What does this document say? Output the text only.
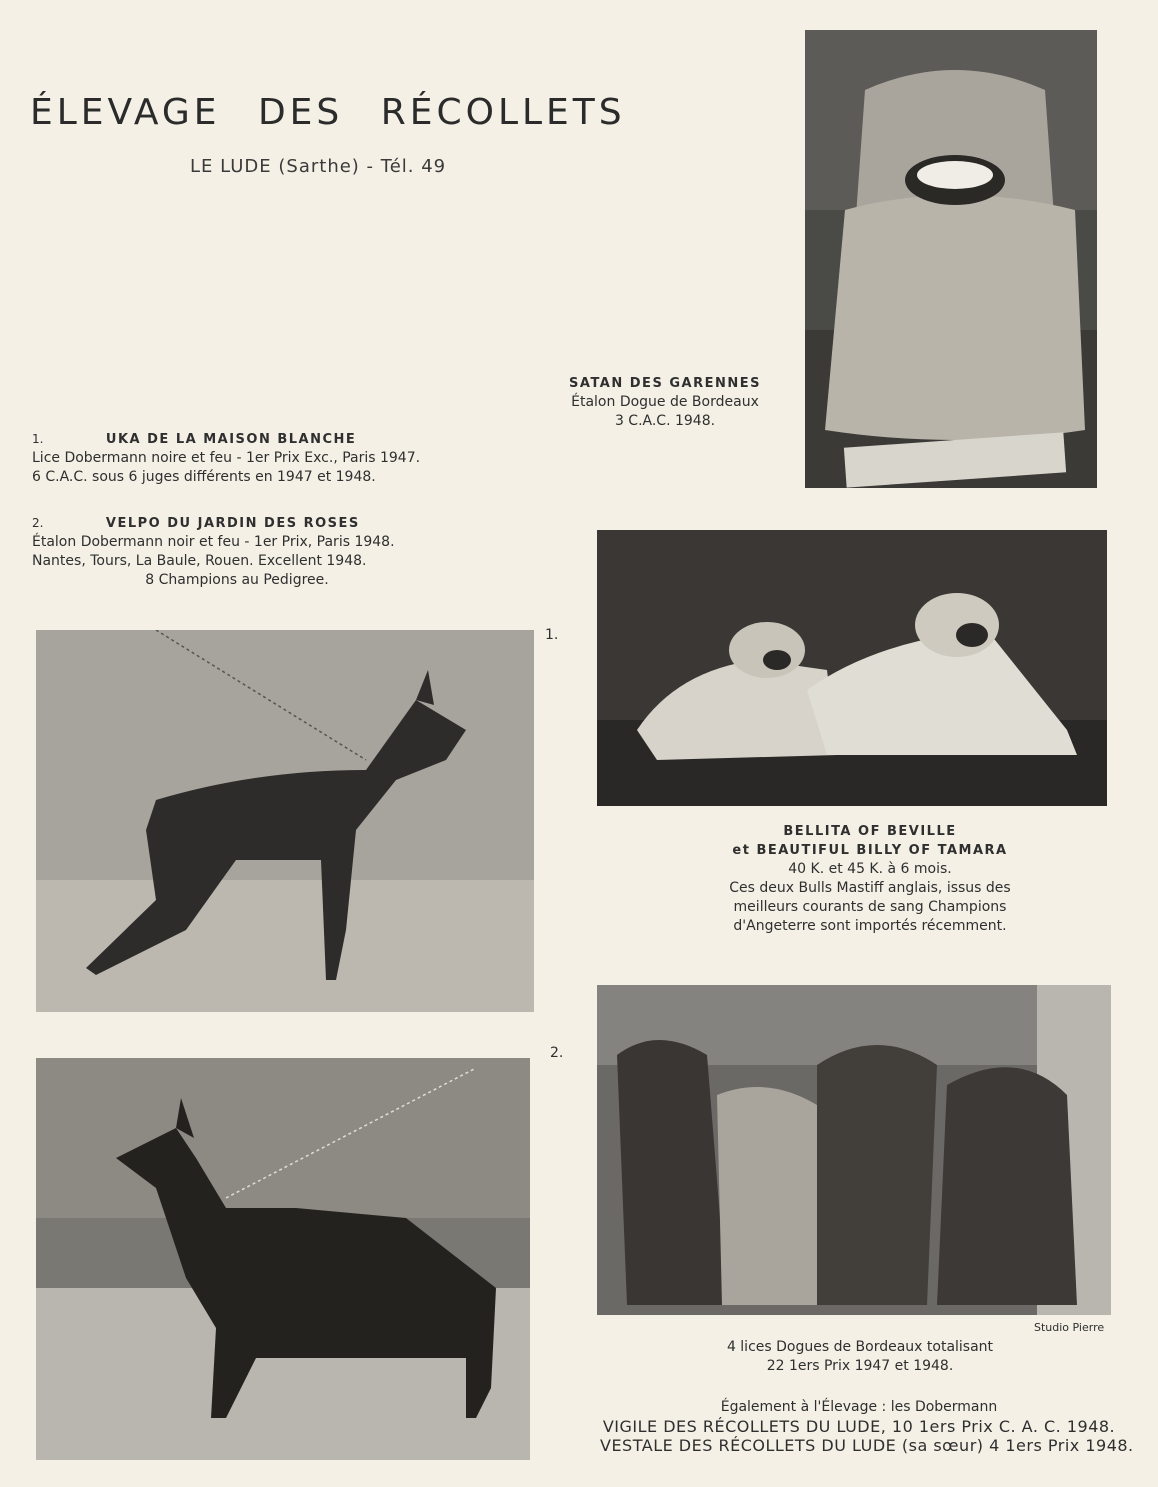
ÉLEVAGE DES RÉCOLLETS
LE LUDE (Sarthe) - Tél. 49
SATAN DES GARENNES
Étalon Dogue de Bordeaux
3 C.A.C. 1948.
1.	UKA DE LA MAISON BLANCHE
Lice Dobermann noire et feu - 1er Prix Exc., Paris 1947.
6 C.A.C. sous 6 juges différents en 1947 et 1948.
2.	VELPO DU JARDIN DES ROSES
Étalon Dobermann noir et feu - 1er Prix, Paris 1948.
Nantes, Tours, La Baule, Rouen. Excellent 1948.
8 Champions au Pedigree.
1.
BELLITA OF BEVILLE
et BEAUTIFUL BILLY OF TAMARA
40 K. et 45 K. à 6 mois.
Ces deux Bulls Mastiff anglais, issus des
meilleurs courants de sang Champions
d'Angeterre sont importés récemment.
2.
Studio Pierre
4 lices Dogues de Bordeaux totalisant
22 1ers Prix 1947 et 1948.
Également à l'Élevage : les Dobermann
VIGILE DES RÉCOLLETS DU LUDE, 10 1ers Prix C. A. C. 1948.
VESTALE DES RÉCOLLETS DU LUDE (sa sœur) 4 1ers Prix 1948.
